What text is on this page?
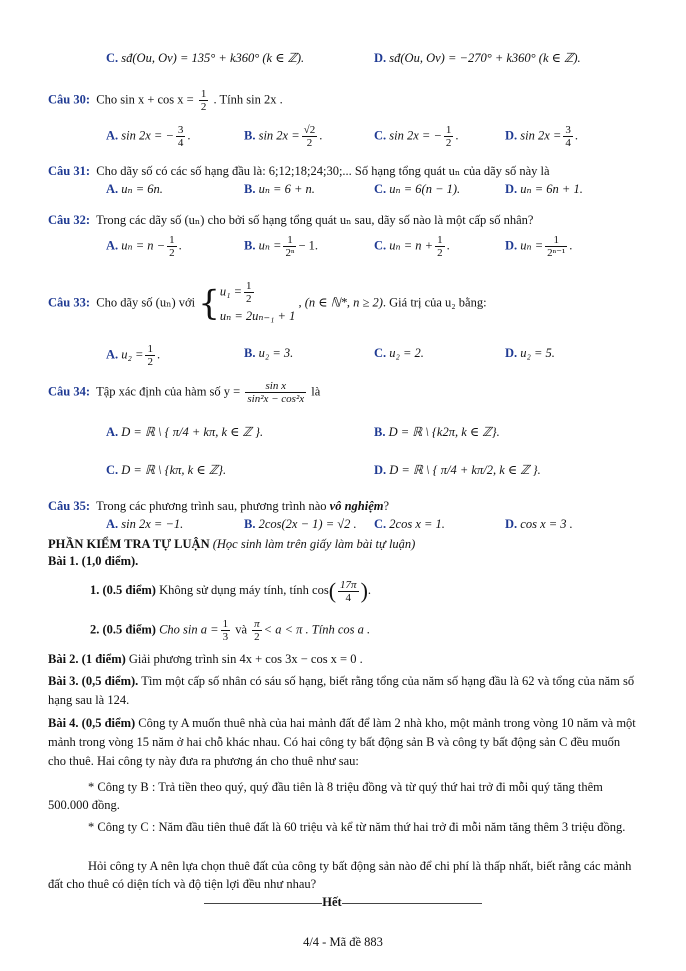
C. sđ(Ou, Ov) = 135° + k360° (k ∈ ℤ).	D. sđ(Ou, Ov) = −270° + k360° (k ∈ ℤ).
Câu 30: Cho $\sin x + \cos x = \frac{1}{2}$ . Tính sin 2x .
A. sin 2x = − $\frac{3}{4}$ .	B. $\sin 2x = \frac{√2}{2}$ .	C. sin 2x = − $\frac{1}{2}$ .	D. $\sin 2x = \frac{3}{4}$ .
Câu 31: Cho dãy số có các số hạng đầu là: 6;12;18;24;30;... Số hạng tổng quát uₙ của dãy số này là
A. uₙ = 6n.	B. uₙ = 6 + n.	C. uₙ = 6(n − 1).	D. uₙ = 6n + 1.
Câu 32: Trong các dãy số (uₙ) cho bởi số hạng tổng quát uₙ sau, dãy số nào là một cấp số nhân?
A. $u_n = n - \frac{1}{2}$ .	B. $u_n = \frac{1}{\text{2ⁿ}} - 1$.	C. $u_n = n + \frac{1}{2}$ .	D. $u_n = \frac{1}{\text{2ⁿ⁻¹}}$ .
Câu 33: Cho dãy số (uₙ) với {$u_1 = \frac{1}{2}$

uₙ = 2uₙ₋₁ + 1 , (n ∈ ℕ*, n ≥ 2). Giá trị của u₂ bằng:
A. $u_2 = \frac{1}{2}$ .	B. u₂ = 3.	C. u₂ = 2.	D. u₂ = 5.
Câu 34: Tập xác định của hàm số $y = \frac{\text{sin x}}{\text{sin²x − cos²x}}$ là
A. D = ℝ \ { π/4 + kπ, k ∈ ℤ }.	B. D = ℝ \ {k2π, k ∈ ℤ}.
C. D = ℝ \ {kπ, k ∈ ℤ}.	D. D = ℝ \ { π/4 + kπ/2, k ∈ ℤ }.
Câu 35: Trong các phương trình sau, phương trình nào vô nghiệm?
A. sin 2x = −1.	B. 2cos(2x − 1) = √2 . C. 2cos x = 1.	D. cos x = 3 .
PHẦN KIỂM TRA TỰ LUẬN (Học sinh làm trên giấy làm bài tự luận)
Bài 1. (1,0 điểm).
1. (0.5 điểm) Không sử dụng máy tính, tính $\cos( \frac{17\pi}{4}$ ).
2. (0.5 điểm) Cho $\sin a = \frac{1}{3}$ và $\frac{\pi}{2} < a < \pi$ . Tính cos a .
Bài 2. (1 điểm) Giải phương trình sin 4x + cos 3x − cos x = 0 .
Bài 3. (0,5 điểm). Tìm một cấp số nhân có sáu số hạng, biết rằng tổng của năm số hạng đầu là 62 và tổng của năm số hạng sau là 124.
Bài 4. (0,5 điểm) Công ty A muốn thuê nhà của hai mảnh đất để làm 2 nhà kho, một mảnh trong vòng 10 năm và một mảnh trong vòng 15 năm ở hai chỗ khác nhau. Có hai công ty bất động sản B và công ty bất động sản C đều muốn cho thuê. Hai công ty này đưa ra phương án cho thuê như sau:
* Công ty B : Trả tiền theo quý, quý đầu tiên là 8 triệu đồng và từ quý thứ hai trở đi mỗi quý tăng thêm 500.000 đồng.
* Công ty C : Năm đầu tiên thuê đất là 60 triệu và kể từ năm thứ hai trở đi mỗi năm tăng thêm 3 triệu đồng.
Hỏi công ty A nên lựa chọn thuê đất của công ty bất động sản nào để chi phí là thấp nhất, biết rằng các mảnh đất cho thuê có diện tích và độ tiện lợi đều như nhau?
Hết
4/4 - Mã đề 883
